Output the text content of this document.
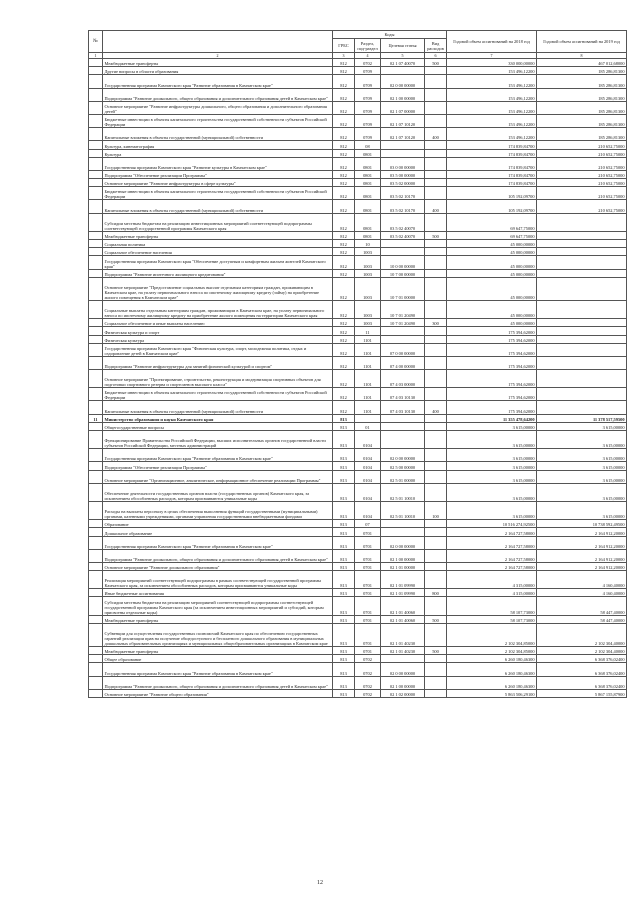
№		Коды				Годовой объем ассигнований на 2018 год	Годовой объем ассигнований на 2019 год
		ГРБС	Раздел, под-раздел	Целевая статья	Вид расходов		
1	2	3	4	5	6	7	8
	Межбюджетные трансферты	812	0702	02 1 07 40070	500	330 000,00000	467 012,68000
	Другие вопросы в области образования	812	0709			153 496,12200	185 286,81300
	Государственная программа Камчатского края "Развитие образования в Камчатском крае"	812	0709	02 0 00 00000		153 496,12200	185 286,81300
	Подпрограмма "Развитие дошкольного, общего образования и дополнительного образования детей в Камчатском крае"	812	0709	02 1 00 00000		153 496,12200	185 286,81300
	Основное мероприятие "Развитие инфраструктуры дошкольного, общего образования и дополнительного образования детей"	812	0709	02 1 07 00000		153 496,12200	185 286,81300
	Бюджетные инвестиции в объекты капитального строительства государственной собственности субъектов Российской Федерации	812	0709	02 1 07 10120		153 496,12200	185 286,81300
	Капитальные вложения в объекты государственной (муниципальной) собственности	812	0709	02 1 07 10120	400	153 496,12200	185 286,81300
	Культура, кинематография	812	08			174 839,84700	210 652,75000
	Культура	812	0801			174 839,84700	210 652,75000
	Государственная программа Камчатского края "Развитие культуры в Камчатском крае"	812	0801	03 0 00 00000		174 839,84700	210 652,75000
	Подпрограмма "Обеспечение реализации Программы"	812	0801	03 5 00 00000		174 839,84700	210 652,75000
	Основное мероприятие "Развитие инфраструктуры в сфере культуры"	812	0801	03 5 02 00000		174 839,84700	210 652,75000
	Бюджетные инвестиции в объекты капитального строительства государственной собственности субъектов Российской Федерации	812	0801	03 5 02 10170		105 192,09700	210 652,75000
	Капитальные вложения в объекты государственной (муниципальной) собственности	812	0801	03 5 02 10170	400	105 192,09700	210 652,75000
	Субсидии местным бюджетам на реализацию инвестиционных мероприятий соответствующей подпрограммы соответствующей государственной программы Камчатского края	812	0801	03 5 02 40070		69 647,75000	
	Межбюджетные трансферты	812	0801	03 5 02 40070	500	69 647,75000	
	Социальная политика	812	10			45 000,00000	
	Социальное обеспечение населения	812	1003			45 000,00000	
	Государственная программа Камчатского края "Обеспечение доступным и комфортным жильем жителей Камчатского края"	812	1003	10 0 00 00000		45 000,00000	
	Подпрограмма "Развитие ипотечного жилищного кредитования"	812	1003	10 7 00 00000		45 000,00000	
	Основное мероприятие "Предоставление социальных выплат отдельным категориям граждан, проживающим в Камчатском крае, на уплату первоначального взноса по ипотечному жилищному кредиту (займу) на приобретение жилого помещения в Камчатском крае"	812	1003	10 7 01 00000		45 000,00000	
	Социальные выплаты отдельным категориям граждан, проживающим в Камчатском крае, на уплату первоначального взноса по ипотечному жилищному кредиту на приобретение жилого помещения на территории Камчатского края	812	1003	10 7 01 20490		45 000,00000	
	Социальное обеспечение и иные выплаты населению	812	1003	10 7 01 20490	300	45 000,00000	
	Физическая культура и спорт	812	11			175 394,62000	
	Физическая культура	812	1101			175 394,62000	
	Государственная программа Камчатского края "Физическая культура, спорт, молодежная политика, отдых и оздоровление детей в Камчатском крае"	812	1101	07 0 00 00000		175 394,62000	
	Подпрограмма "Развитие инфраструктуры для занятий физической культурой и спортом"	812	1101	07 4 00 00000		175 394,62000	
	Основное мероприятие "Проектирование, строительство, реконструкция и модернизация спортивных объектов для подготовки спортивного резерва и спортсменов высокого класса"	812	1101	07 4 03 00000		175 394,62000	
	Бюджетные инвестиции в объекты капитального строительства государственной собственности субъектов Российской Федерации	812	1101	07 4 03 10130		175 394,62000	
	Капитальные вложения в объекты государственной (муниципальной) собственности	812	1101	07 4 03 10130	400	175 394,62000	
11	Министерство образования и науки Камчатского края	813				11 355 478,64200	11 378 517,59500
	Общегосударственные вопросы	813	01			3 615,00000	3 615,00000
	Функционирование Правительства Российской Федерации, высших исполнительных органов государственной власти субъектов Российской Федерации, местных администраций	813	0104			3 615,00000	3 615,00000
	Государственная программа Камчатского края "Развитие образования в Камчатском крае"	813	0104	02 0 00 00000		3 615,00000	3 615,00000
	Подпрограмма "Обеспечение реализации Программы"	813	0104	02 5 00 00000		3 615,00000	3 615,00000
	Основное мероприятие "Организационное, аналитическое, информационное обеспечение реализации Программы"	813	0104	02 5 01 00000		3 615,00000	3 615,00000
	Обеспечение деятельности государственных органов власти (государственных органов) Камчатского края, за исключением обособленных расходов, которым присваиваются уникальные коды	813	0104	02 5 01 10010		3 615,00000	3 615,00000
	Расходы на выплаты персоналу в целях обеспечения выполнения функций государственными (муниципальными) органами, казенными учреждениями, органами управления государственными внебюджетными фондами	813	0104	02 5 01 10010	100	3 615,00000	3 615,00000
	Образование	813	07			10 516 274,92500	10 738 592,49500
	Дошкольное образование	813	0701			2 164 727,58000	2 164 912,20000
	Государственная программа Камчатского края "Развитие образования в Камчатском крае"	813	0701	02 0 00 00000		2 164 727,58000	2 164 912,20000
	Подпрограмма "Развитие дошкольного, общего образования и дополнительного образования детей в Камчатском крае"	813	0701	02 1 00 00000		2 164 727,58000	2 164 912,20000
	Основное мероприятие "Развитие дошкольного образования"	813	0701	02 1 01 00000		2 164 727,58000	2 164 912,20000
	Реализация мероприятий соответствующей подпрограммы в рамках соответствующей государственной программы Камчатского края, за исключением обособленных расходов, которым присваиваются уникальные коды	813	0701	02 1 01 09990		4 315,00000	4 160,40000
	Иные бюджетные ассигнования	813	0701	02 1 01 09990	800	4 315,00000	4 160,40000
	Субсидии местным бюджетам на реализацию мероприятий соответствующей подпрограммы соответствующей государственной программы Камчатского края (за исключением инвестиционных мероприятий и субсидий, которым присвоены отдельные коды)	813	0701	02 1 01 40060		58 107,73000	58 447,40000
	Межбюджетные трансферты	813	0701	02 1 01 40060	500	58 107,73000	58 447,40000
	Субвенции для осуществления государственных полномочий Камчатского края по обеспечению государственных гарантий реализации прав на получение общедоступного и бесплатного дошкольного образования в муниципальных дошкольных образовательных организациях и муниципальных общеобразовательных организациях в Камчатском крае	813	0701	02 1 01 40230		2 102 304,85000	2 102 304,40000
	Межбюджетные трансферты	813	0701	02 1 01 40230	500	2 102 304,85000	2 102 304,40000
	Общее образование	813	0702			6 260 180,46300	6 368 376,02400
	Государственная программа Камчатского края "Развитие образования в Камчатском крае"	813	0702	02 0 00 00000		6 260 180,46300	6 368 376,02400
	Подпрограмма "Развитие дошкольного, общего образования и дополнительного образования детей в Камчатском крае"	813	0702	02 1 00 00000		6 260 180,46300	6 368 376,02400
	Основное мероприятие "Развитие общего образования"	813	0702	02 1 02 00000		5 863 506,29100	5 867 155,87900
12
